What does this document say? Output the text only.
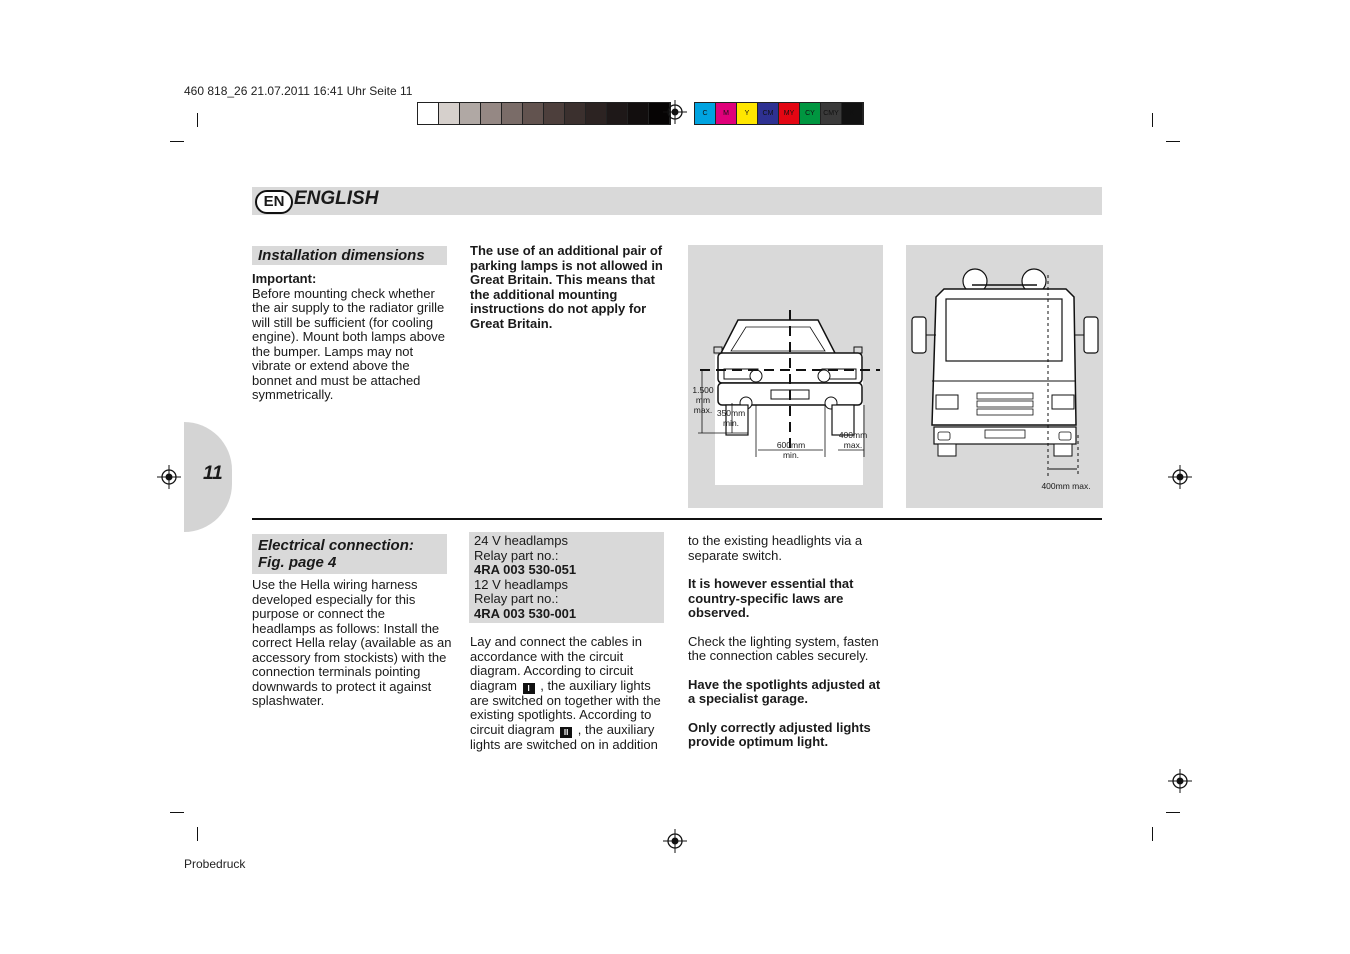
460 818_26 21.07.2011 16:41 Uhr Seite 11
C	M	Y	CM	MY	CY	CMY	K
EN ENGLISH
11
Installation dimensions

Important:

Before mounting check whether the air supply to the radiator grille will still be sufficient (for cooling engine). Mount both lamps above the bumper. Lamps may not vibrate or extend above the bonnet and must be attached symmetrically.

The use of an additional pair of parking lamps is not allowed in Great Britain. This means that the additional mounting instructions do not apply for Great Britain.
1.500 mm max. 350mm min.
600mm min.
400mm max.
400mm max.
Electrical connection:
Fig. page 4
Use the Hella wiring harness developed especially for this purpose or connect the headlamps as follows: Install the correct Hella relay (available as an accessory from stockists) with the connection terminals pointing downwards to protect it against splashwater.

24 V headlamps

Relay part no.:

4RA 003 530-051

12 V headlamps

Relay part no.:

4RA 003 530-001

Lay and connect the cables in accordance with the circuit diagram. According to circuit diagram I , the auxiliary lights are switched on together with the existing spotlights. According to circuit diagram II , the auxiliary lights are switched on in addition

to the existing headlights via a separate switch.

It is however essential that country-specific laws are observed.

Check the lighting system, fasten the connection cables securely.

Have the spotlights adjusted at a specialist garage.

Only correctly adjusted lights provide optimum light.

Probedruck
